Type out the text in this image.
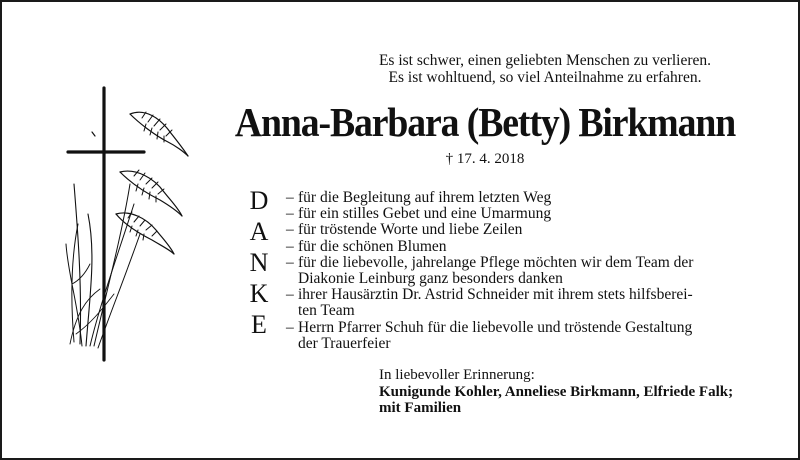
Es ist schwer, einen geliebten Menschen zu verlieren.
Es ist wohltuend, so viel Anteilnahme zu erfahren.
Anna-Barbara (Betty) Birkmann
† 17. 4. 2018
D
A
N
K
E
– für die Begleitung auf ihrem letzten Weg
– für ein stilles Gebet und eine Umarmung
– für tröstende Worte und liebe Zeilen
– für die schönen Blumen
– für die liebevolle, jahrelange Pflege möchten wir dem Team der
Diakonie Leinburg ganz besonders danken
– ihrer Hausärztin Dr. Astrid Schneider mit ihrem stets hilfsberei-
ten Team
– Herrn Pfarrer Schuh für die liebevolle und tröstende Gestaltung
der Trauerfeier
In liebevoller Erinnerung:
Kunigunde Kohler, Anneliese Birkmann, Elfriede Falk;
mit Familien
